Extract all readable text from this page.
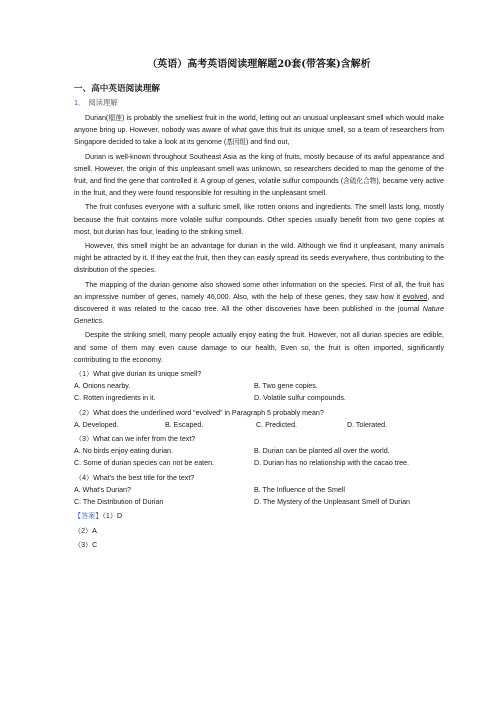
（英语）高考英语阅读理解题20套(带答案)含解析
一、高中英语阅读理解
1． 阅读理解

Durian(榴莲) is probably the smelliest fruit in the world, letting out an unusual unpleasant smell which would make anyone bring up. However, nobody was aware of what gave this fruit its unique smell, so a team of researchers from Singapore decided to take a look at its genome (基因组) and find out,

Durian is well-known throughout Southeast Asia as the king of fruits, mostly because of its awful appearance and smell. However, the origin of this unpleasant smell was unknown, so researchers decided to map the genome of the fruit, and find the gene that controlled it. A group of genes, volatile sulfur compounds (含硫化合物), became very active in the fruit, and they were found responsible for resulting in the unpleasant smell.

The fruit confuses everyone with a sulfuric smell, like rotten onions and ingredients. The smell lasts long, mostly because the fruit contains more volatile sulfur compounds. Other species usually benefit from two gene copies at most, but durian has four, leading to the striking smell.

However, this smell might be an advantage for durian in the wild. Although we find it unpleasant, many animals might be attracted by it. If they eat the fruit, then they can easily spread its seeds everywhere, thus contributing to the distribution of the species.

The mapping of the durian genome also showed some other information on the species. First of all, the fruit has an impressive number of genes, namely 46,000. Also, with the help of these genes, they saw how it evolved, and discovered it was related to the cacao tree. All the other discoveries have been published in the journal Nature Genetics.

Despite the striking smell, many people actually enjoy eating the fruit. However, not all durian species are edible, and some of them may even cause damage to our health, Even so, the fruit is often imported, significantly contributing to the economy.

（1）What give durian its unique smell?
A. Onions nearby.	B. Two gene copies.
C. Rotten ingredients in it.	D. Volatile sulfur compounds.
（2）What does the underlined word “evolved” in Paragraph 5 probably mean?
A. Developed.	B. Escaped.	C. Predicted.	D. Tolerated.
（3）What can we infer from the text?
A. No birds enjoy eating durian.	B. Durian can be planted all over the world.
C. Some of durian species can not be eaten.	D. Durian has no relationship with the cacao tree.
（4）What's the best title for the text?
A. What's Durian?	B. The Influence of the Smell
C. The Distribution of Durian	D. The Mystery of the Unpleasant Smell of Durian
【答案】（1）D
（2）A
（3）C
